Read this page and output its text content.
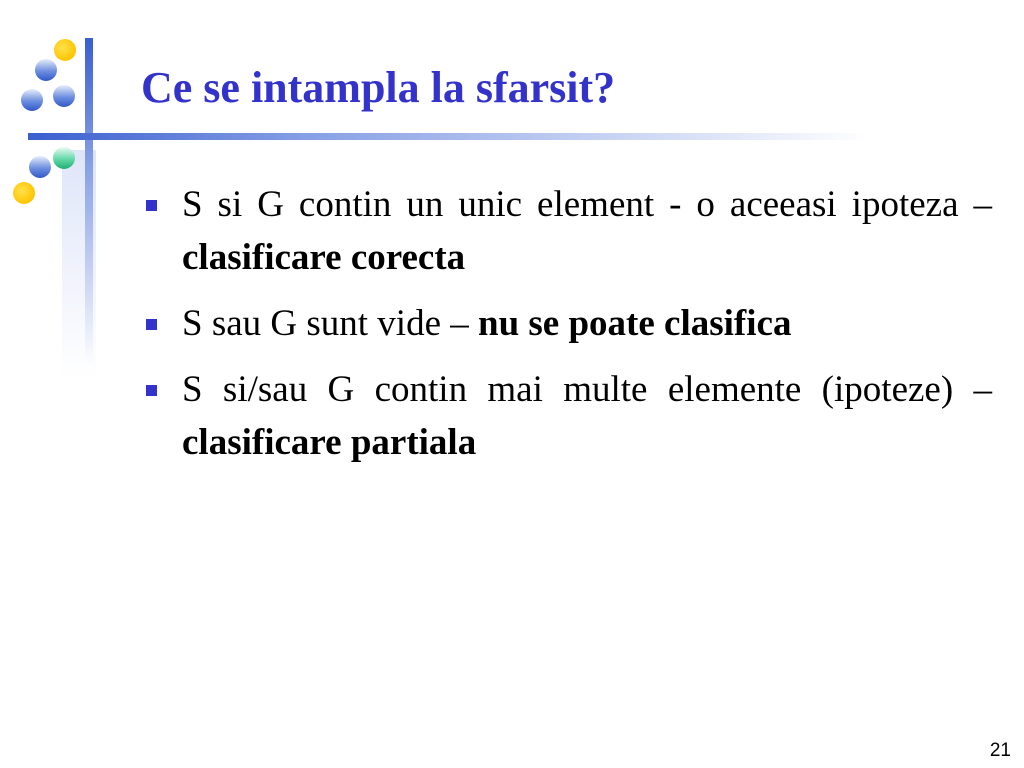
Ce se intampla la sfarsit?
S si G contin un unic element - o aceeasi ipoteza – clasificare corecta
S sau G sunt vide – nu se poate clasifica
S si/sau G contin mai multe elemente (ipoteze) – clasificare partiala
21
